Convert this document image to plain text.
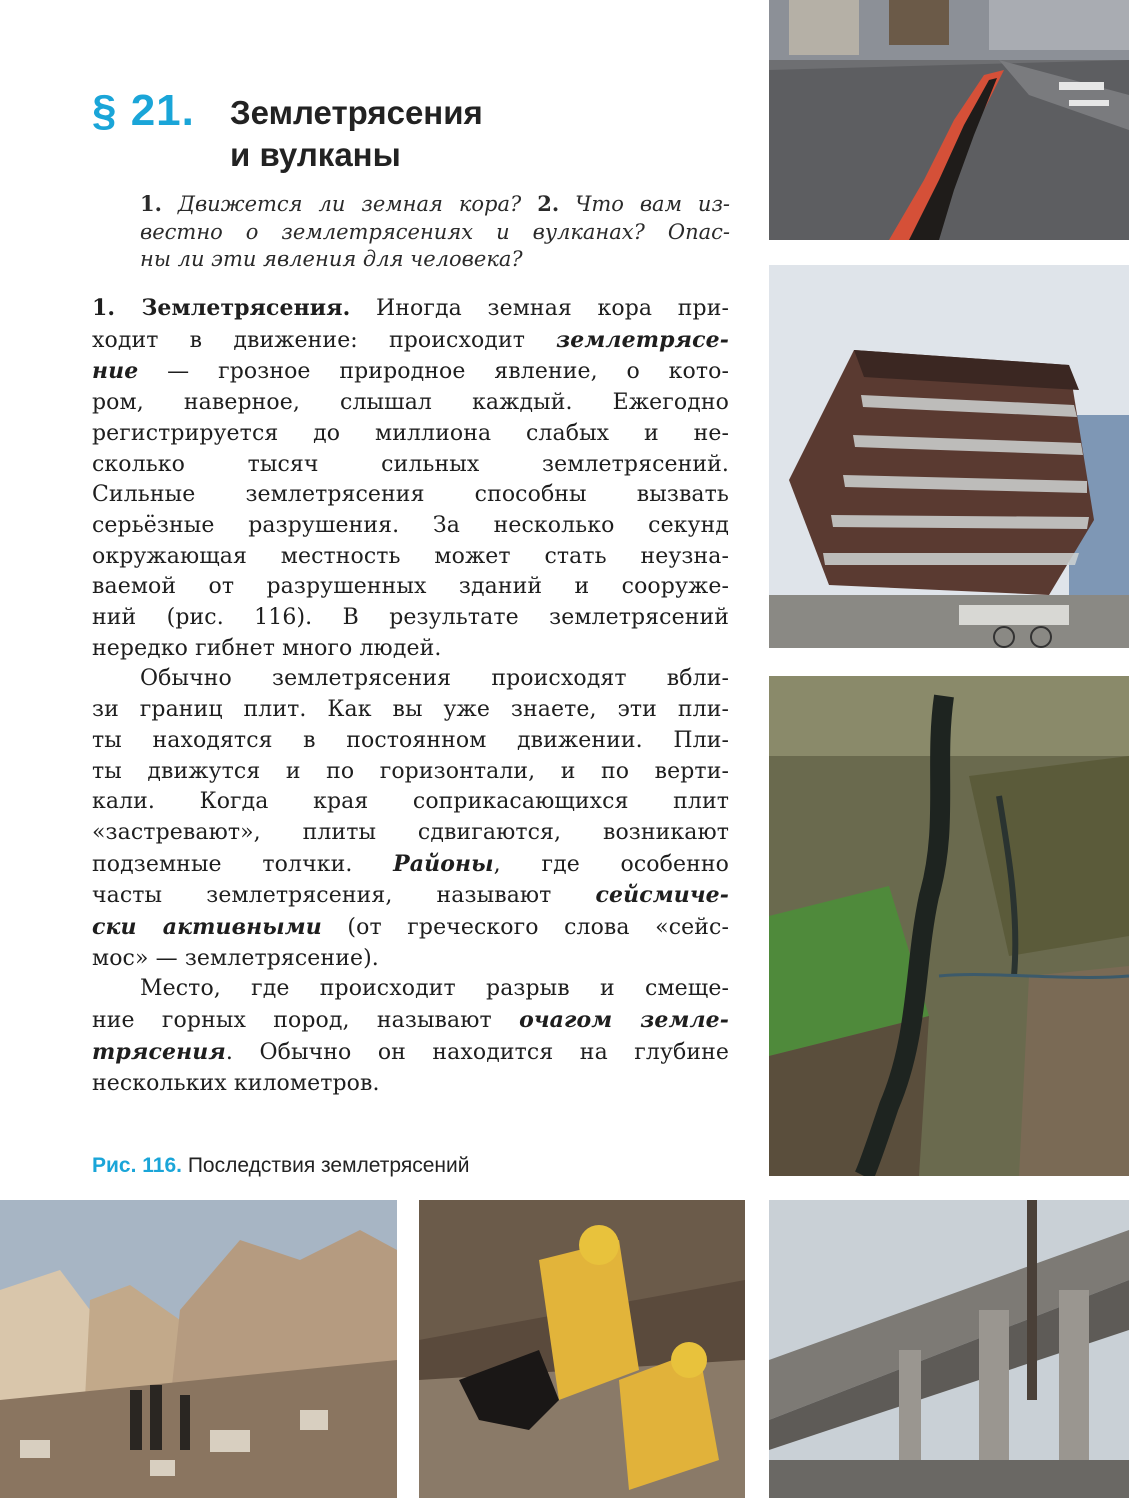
§ 21. Землетрясения
и вулканы
1. Движется ли земная кора? 2. Что вам из-
вестно о землетрясениях и вулканах? Опас-
ны ли эти явления для человека?
1. Землетрясения. Иногда земная кора при-
ходит в движение: происходит землетрясе-
ние — грозное природное явление, о кото-
ром, наверное, слышал каждый. Ежегодно
регистрируется до миллиона слабых и не-
сколько тысяч сильных землетрясений.
Сильные землетрясения способны вызвать
серьёзные разрушения. За несколько секунд
окружающая местность может стать неузна-
ваемой от разрушенных зданий и сооруже-
ний (рис. 116). В результате землетрясений
нередко гибнет много людей.
Обычно землетрясения происходят вбли-
зи границ плит. Как вы уже знаете, эти пли-
ты находятся в постоянном движении. Пли-
ты движутся и по горизонтали, и по верти-
кали. Когда края соприкасающихся плит
«застревают», плиты сдвигаются, возникают
подземные толчки. Районы, где особенно
часты землетрясения, называют сейсмиче-
ски активными (от греческого слова «сейс-
мос» — землетрясение).
Место, где происходит разрыв и смеще-
ние горных пород, называют очагом земле-
трясения. Обычно он находится на глубине
нескольких километров.
Рис. 116. Последствия землетрясений
